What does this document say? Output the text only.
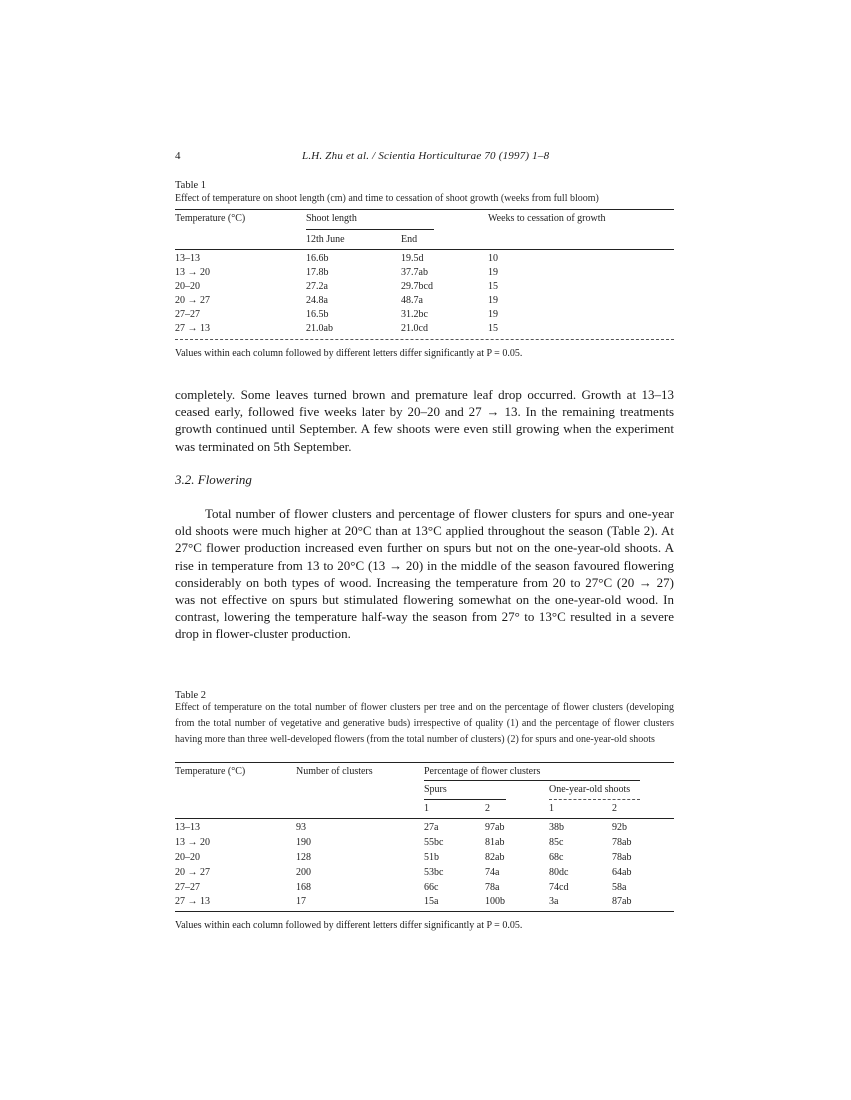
4	L.H. Zhu et al. / Scientia Horticulturae 70 (1997) 1–8
Table 1
Effect of temperature on shoot length (cm) and time to cessation of shoot growth (weeks from full bloom)
Temperature (°C)	Shoot length	Weeks to cessation of growth
12th June	End
13–13	16.6b	19.5d	10
13 → 20	17.8b	37.7ab	19
20–20	27.2a	29.7bcd	15
20 → 27	24.8a	48.7a	19
27–27	16.5b	31.2bc	19
27 → 13	21.0ab	21.0cd	15
Values within each column followed by different letters differ significantly at P = 0.05.

completely. Some leaves turned brown and premature leaf drop occurred. Growth at 13–13 ceased early, followed five weeks later by 20–20 and 27 → 13. In the remaining treatments growth continued until September. A few shoots were even still growing when the experiment was terminated on 5th September.

3.2. Flowering

Total number of flower clusters and percentage of flower clusters for spurs and one-year old shoots were much higher at 20°C than at 13°C applied throughout the season (Table 2). At 27°C flower production increased even further on spurs but not on the one-year-old shoots. A rise in temperature from 13 to 20°C (13 → 20) in the middle of the season favoured flowering considerably on both types of wood. Increasing the temperature from 20 to 27°C (20 → 27) was not effective on spurs but stimulated flowering somewhat on the one-year-old wood. In contrast, lowering the temperature half-way the season from 27° to 13°C resulted in a severe drop in flower-cluster production.

Table 2
Effect of temperature on the total number of flower clusters per tree and on the percentage of flower clusters (developing from the total number of vegetative and generative buds) irrespective of quality (1) and the percentage of flower clusters having more than three well-developed flowers (from the total number of clusters) (2) for spurs and one-year-old shoots
Temperature (°C)	Number of clusters	Percentage of flower clusters
Spurs	One-year-old shoots
1	2	1	2
13–13	93	27a	97ab	38b	92b
13 → 20	190	55bc	81ab	85c	78ab
20–20	128	51b	82ab	68c	78ab
20 → 27	200	53bc	74a	80dc	64ab
27–27	168	66c	78a	74cd	58a
27 → 13	17	15a	100b	3a	87ab
Values within each column followed by different letters differ significantly at P = 0.05.
